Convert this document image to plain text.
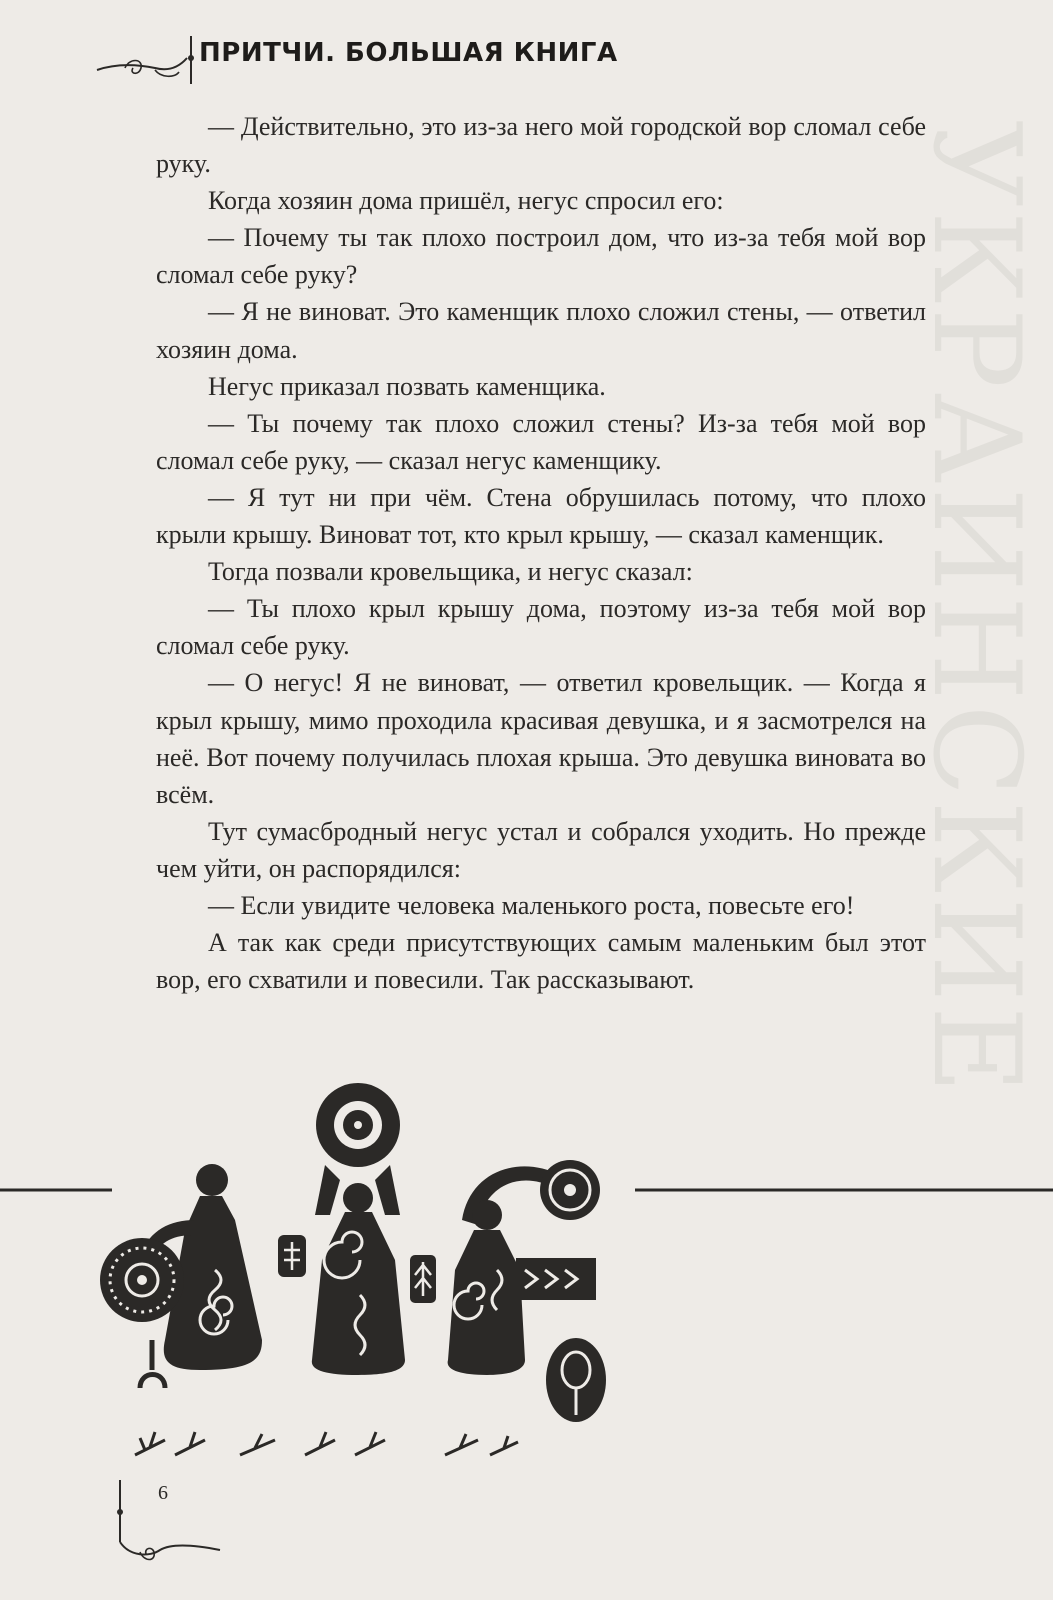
УКРАИНСКИЕ
ПРИТЧИ. БОЛЬШАЯ КНИГА

— Действительно, это из-за него мой городской вор сломал себе руку.

Когда хозяин дома пришёл, негус спросил его:

— Почему ты так плохо построил дом, что из-за тебя мой вор сломал себе руку?

— Я не виноват. Это каменщик плохо сложил стены, — ответил хозяин дома.

Негус приказал позвать каменщика.

— Ты почему так плохо сложил стены? Из-за тебя мой вор сломал себе руку, — сказал негус каменщику.

— Я тут ни при чём. Стена обрушилась потому, что плохо крыли крышу. Виноват тот, кто крыл крышу, — сказал каменщик.

Тогда позвали кровельщика, и негус сказал:

— Ты плохо крыл крышу дома, поэтому из-за тебя мой вор сломал себе руку.

— О негус! Я не виноват, — ответил кровельщик. — Когда я крыл крышу, мимо проходила красивая девушка, и я засмотрелся на неё. Вот почему получилась плохая крыша. Это девушка виновата во всём.

Тут сумасбродный негус устал и собрался уходить. Но прежде чем уйти, он распорядился:

— Если увидите человека маленького роста, повесьте его!

А так как среди присутствующих самым маленьким был этот вор, его схватили и повесили. Так рассказывают.

6
